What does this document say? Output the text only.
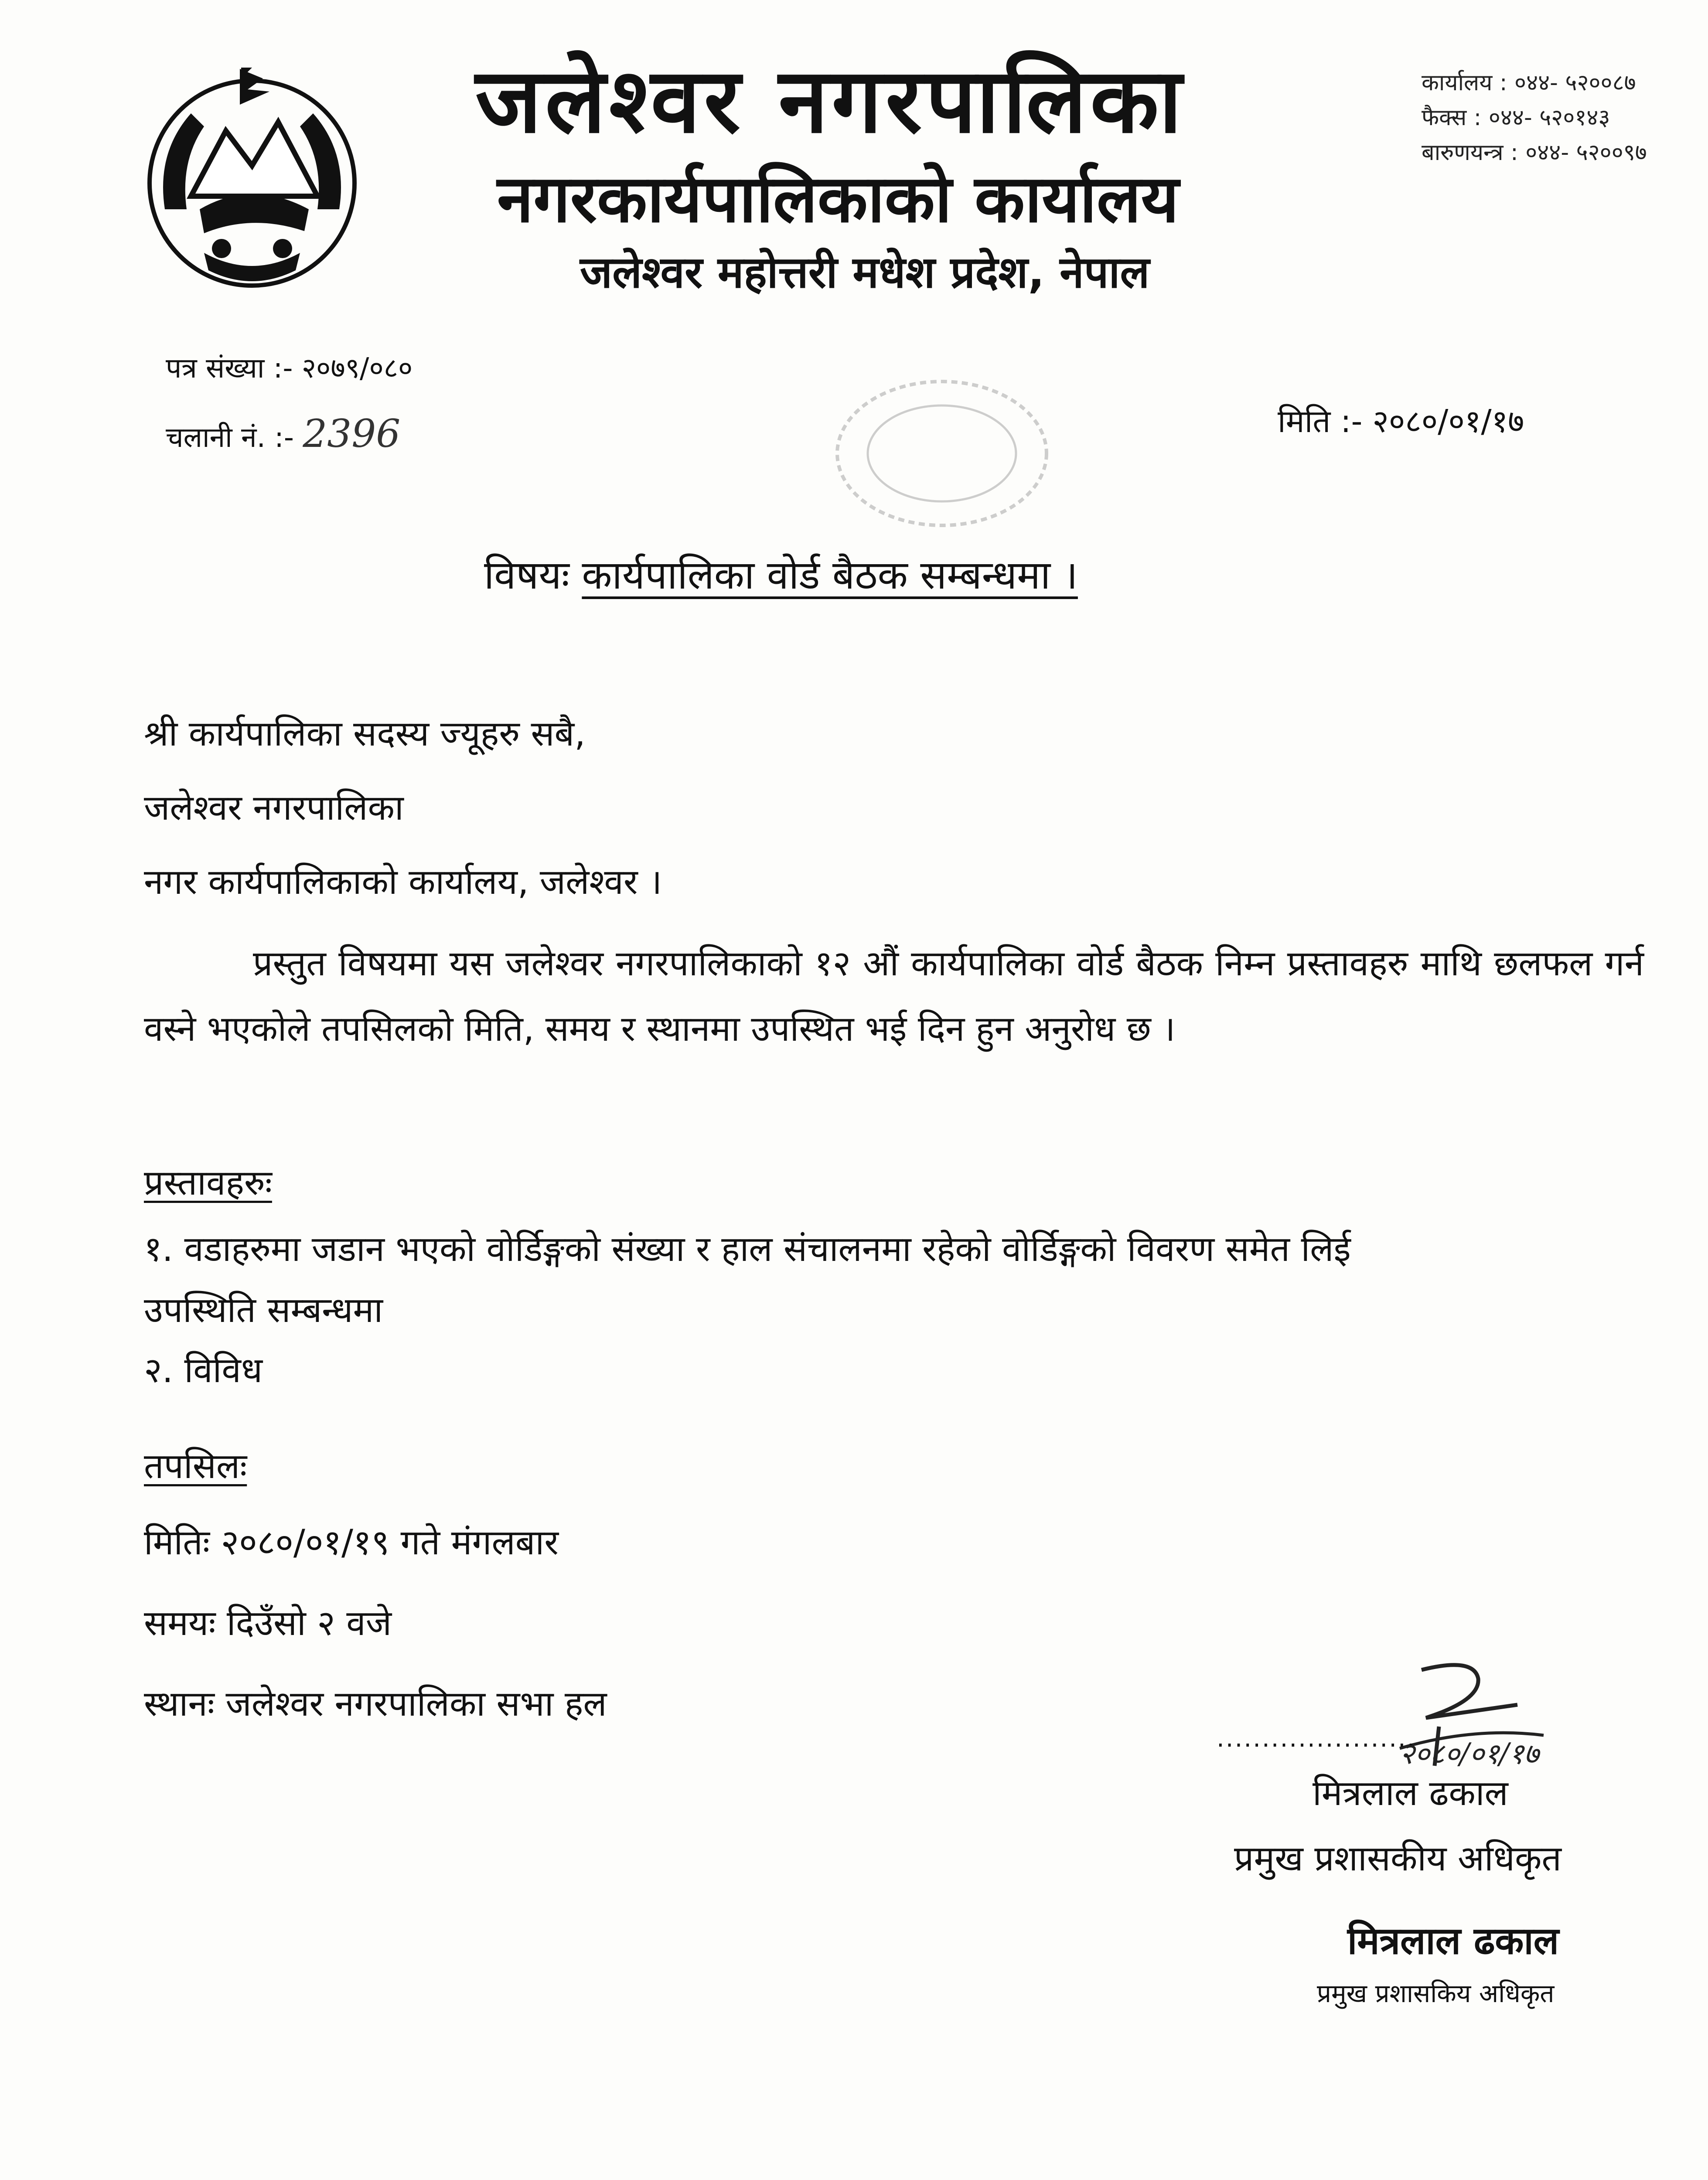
जलेश्वर नगरपालिका
नगरकार्यपालिकाको कार्यालय
जलेश्वर महोत्तरी मधेश प्रदेश, नेपाल
कार्यालय : ०४४- ५२००८७
फैक्स : ०४४- ५२०१४३
बारुणयन्त्र : ०४४- ५२००९७
पत्र संख्या :- २०७९/०८०
चलानी नं. :- 2396	मिति :- २०८०/०१/१७
विषयः कार्यपालिका वोर्ड बैठक सम्बन्धमा ।
श्री कार्यपालिका सदस्य ज्यूहरु सबै,
जलेश्वर नगरपालिका
नगर कार्यपालिकाको कार्यालय, जलेश्वर ।
प्रस्तुत विषयमा यस जलेश्वर नगरपालिकाको १२ औं कार्यपालिका वोर्ड बैठक निम्न प्रस्तावहरु माथि छलफल गर्न वस्ने भएकोले तपसिलको मिति, समय र स्थानमा उपस्थित भई दिन हुन अनुरोध छ ।
प्रस्तावहरुः
१. वडाहरुमा जडान भएको वोर्डिङ्गको संख्या र हाल संचालनमा रहेको वोर्डिङ्गको विवरण समेत लिई
उपस्थिति सम्बन्धमा
२. विविध
तपसिलः
मितिः २०८०/०१/१९ गते मंगलबार
समयः दिउँसो २ वजे
स्थानः जलेश्वर नगरपालिका सभा हल
......................
२०८०/०१/१७
मित्रलाल ढकाल
प्रमुख प्रशासकीय अधिकृत
मित्रलाल ढकाल
प्रमुख प्रशासकिय अधिकृत
